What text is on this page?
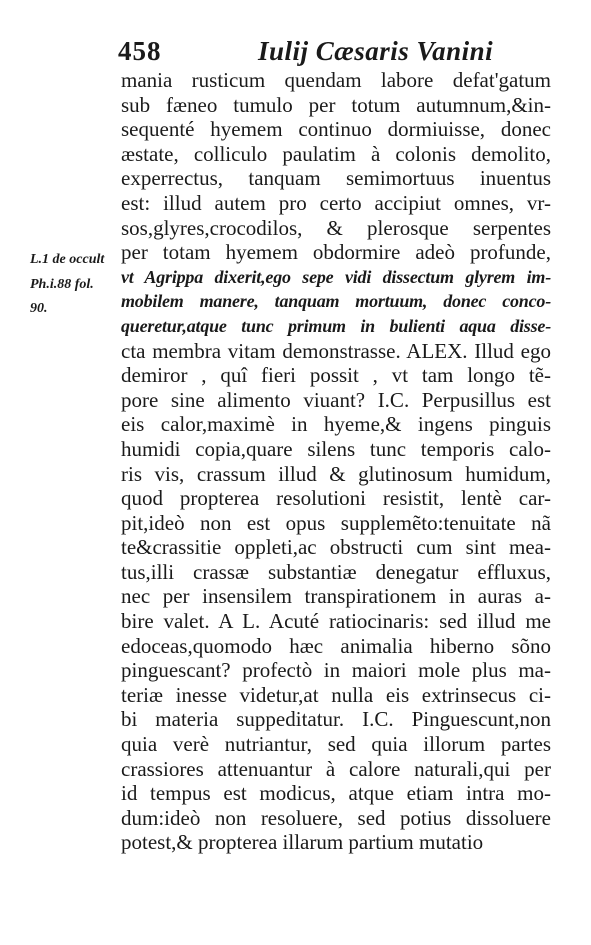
458	Iulij Cæsaris Vanini
L.1 de occult
Ph.i.88 fol.
90.
mania rusticum quendam labore defat'gatum
sub fæneo tumulo per totum autumnum,&in-
sequenté hyemem continuo dormiuisse, donec
æstate, colliculo paulatim à colonis demolito,
experrectus, tanquam semimortuus inuentus
est: illud autem pro certo accipiut omnes, vr-
sos,glyres,crocodilos, & plerosque serpentes
per totam hyemem obdormire adeò profunde,
vt Agrippa dixerit,ego sepe vidi dissectum glyrem im-
mobilem manere, tanquam mortuum, donec conco-
queretur,atque tunc primum in bulienti aqua disse-
cta membra vitam demonstrasse. ALEX. Illud ego
demiror , quî fieri possit , vt tam longo tẽ-
pore sine alimento viuant? I.C. Perpusillus est
eis calor,maximè in hyeme,& ingens pinguis
humidi copia,quare silens tunc temporis calo-
ris vis, crassum illud & glutinosum humidum,
quod propterea resolutioni resistit, lentè car-
pit,ideò non est opus supplemẽto:tenuitate nã
te&crassitie oppleti,ac obstructi cum sint mea-
tus,illi crassæ substantiæ denegatur effluxus,
nec per insensilem transpirationem in auras a-
bire valet. A L. Acuté ratiocinaris: sed illud me
edoceas,quomodo hæc animalia hiberno sõno
pinguescant? profectò in maiori mole plus ma-
teriæ inesse videtur,at nulla eis extrinsecus ci-
bi materia suppeditatur. I.C. Pinguescunt,non
quia verè nutriantur, sed quia illorum partes
crassiores attenuantur à calore naturali,qui per
id tempus est modicus, atque etiam intra mo-
dum:ideò non resoluere, sed potius dissoluere
potest,& propterea illarum partium mutatio
